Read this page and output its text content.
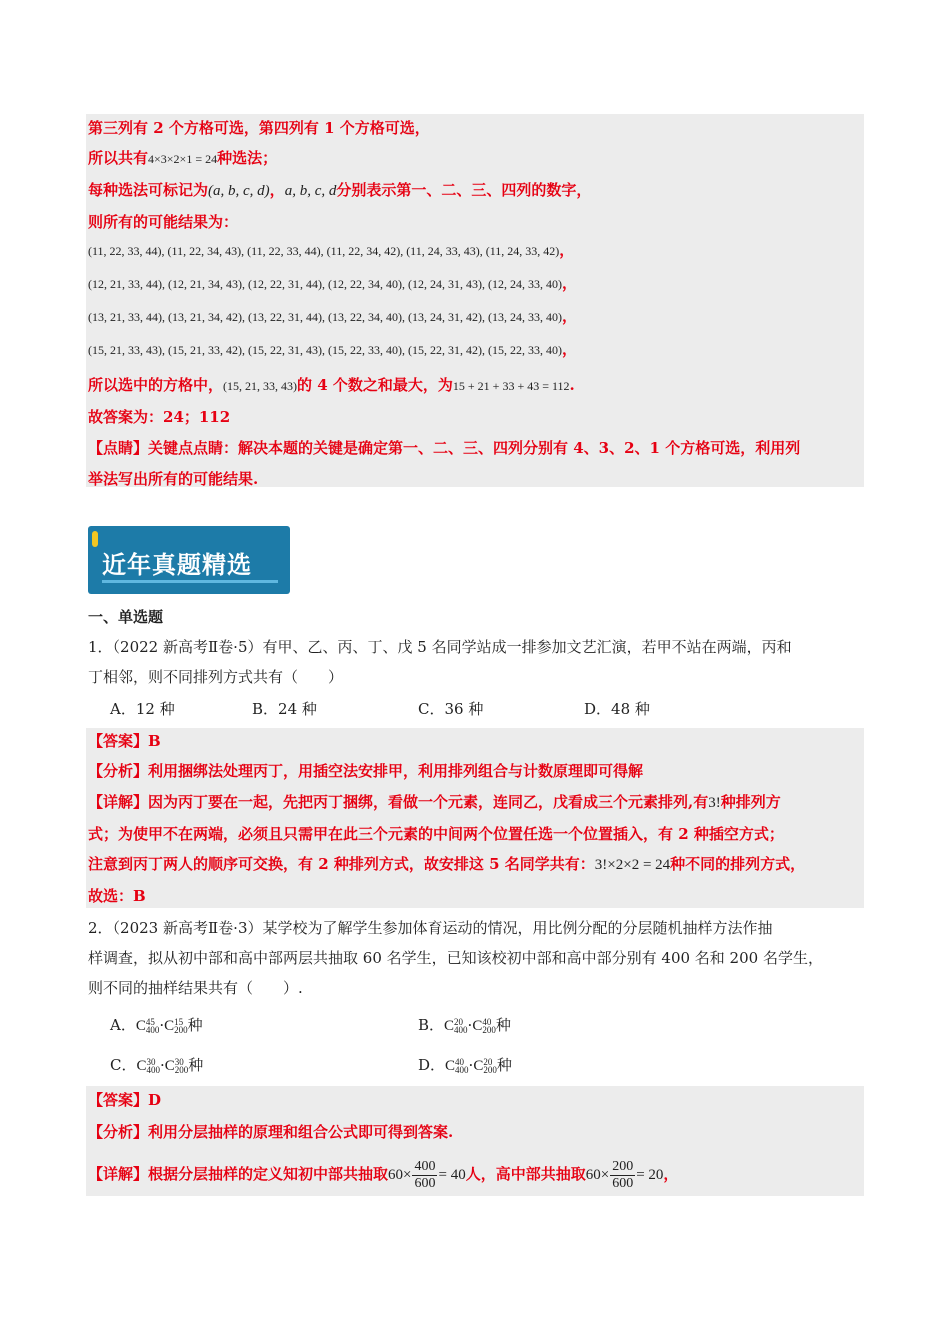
第三列有 2 个方格可选，第四列有 1 个方格可选，
所以共有4×3×2×1 = 24种选法；
每种选法可标记为(a, b, c, d)，a, b, c, d分别表示第一、二、三、四列的数字，
则所有的可能结果为：
(11, 22, 33, 44), (11, 22, 34, 43), (11, 22, 33, 44), (11, 22, 34, 42), (11, 24, 33, 43), (11, 24, 33, 42)，
(12, 21, 33, 44), (12, 21, 34, 43), (12, 22, 31, 44), (12, 22, 34, 40), (12, 24, 31, 43), (12, 24, 33, 40)，
(13, 21, 33, 44), (13, 21, 34, 42), (13, 22, 31, 44), (13, 22, 34, 40), (13, 24, 31, 42), (13, 24, 33, 40)，
(15, 21, 33, 43), (15, 21, 33, 42), (15, 22, 31, 43), (15, 22, 33, 40), (15, 22, 31, 42), (15, 22, 33, 40)，
所以选中的方格中，(15, 21, 33, 43)的 4 个数之和最大，为15 + 21 + 33 + 43 = 112.
故答案为：24；112
【点睛】关键点点睛：解决本题的关键是确定第一、二、三、四列分别有 4、3、2、1 个方格可选，利用列
举法写出所有的可能结果.
近年真题精选
一、单选题
1．（2022 新高考Ⅱ卷·5）有甲、乙、丙、丁、戊 5 名同学站成一排参加文艺汇演，若甲不站在两端，丙和
丁相邻，则不同排列方式共有（　　）
A．12 种	B．24 种	C．36 种	D．48 种
【答案】B
【分析】利用捆绑法处理丙丁，用插空法安排甲，利用排列组合与计数原理即可得解
【详解】因为丙丁要在一起，先把丙丁捆绑，看做一个元素，连同乙，戊看成三个元素排列,有3!种排列方
式；为使甲不在两端，必须且只需甲在此三个元素的中间两个位置任选一个位置插入，有 2 种插空方式；
注意到丙丁两人的顺序可交换，有 2 种排列方式，故安排这 5 名同学共有：3!×2×2 = 24种不同的排列方式，
故选：B
2．（2023 新高考Ⅱ卷·3）某学校为了解学生参加体育运动的情况，用比例分配的分层随机抽样方法作抽
样调查，拟从初中部和高中部两层共抽取 60 名学生，已知该校初中部和高中部分别有 400 名和 200 名学生，
则不同的抽样结果共有（　　）.
A．C 45
400 ·C 15
200 种	B．C 20
400 ·C 40
200 种
C．C 30
400 ·C 30
200 种	D．C 40
400 ·C 20
200 种
【答案】D
【分析】利用分层抽样的原理和组合公式即可得到答案.
【详解】根据分层抽样的定义知初中部共抽取$60\times \frac{400}{600} = 40$人，高中部共抽取$60\times \frac{200}{600} = 20$，
